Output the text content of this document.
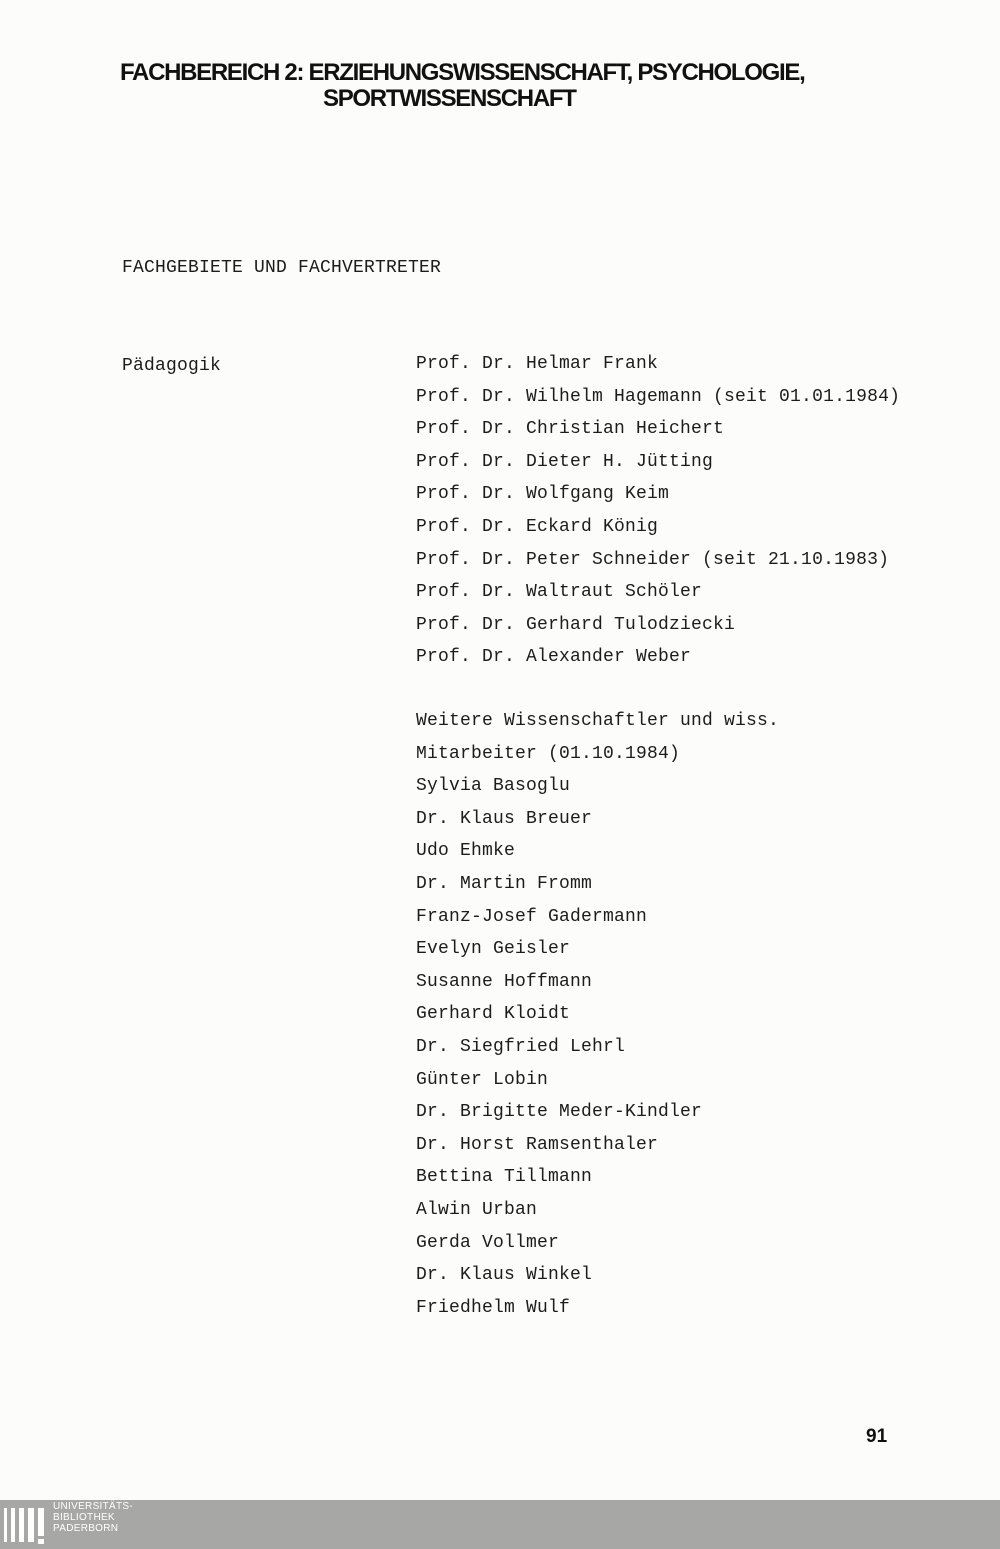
FACHBEREICH 2: ERZIEHUNGSWISSENSCHAFT, PSYCHOLOGIE,
SPORTWISSENSCHAFT
FACHGEBIETE UND FACHVERTRETER
Pädagogik	Prof. Dr. Helmar Frank
Prof. Dr. Wilhelm Hagemann (seit 01.01.1984)
Prof. Dr. Christian Heichert
Prof. Dr. Dieter H. Jütting
Prof. Dr. Wolfgang Keim
Prof. Dr. Eckard König
Prof. Dr. Peter Schneider (seit 21.10.1983)
Prof. Dr. Waltraut Schöler
Prof. Dr. Gerhard Tulodziecki
Prof. Dr. Alexander Weber
Weitere Wissenschaftler und wiss.
Mitarbeiter (01.10.1984)
Sylvia Basoglu
Dr. Klaus Breuer
Udo Ehmke
Dr. Martin Fromm
Franz-Josef Gadermann
Evelyn Geisler
Susanne Hoffmann
Gerhard Kloidt
Dr. Siegfried Lehrl
Günter Lobin
Dr. Brigitte Meder-Kindler
Dr. Horst Ramsenthaler
Bettina Tillmann
Alwin Urban
Gerda Vollmer
Dr. Klaus Winkel
Friedhelm Wulf
91
UNIVERSITÄTS-
BIBLIOTHEK
PADERBORN
